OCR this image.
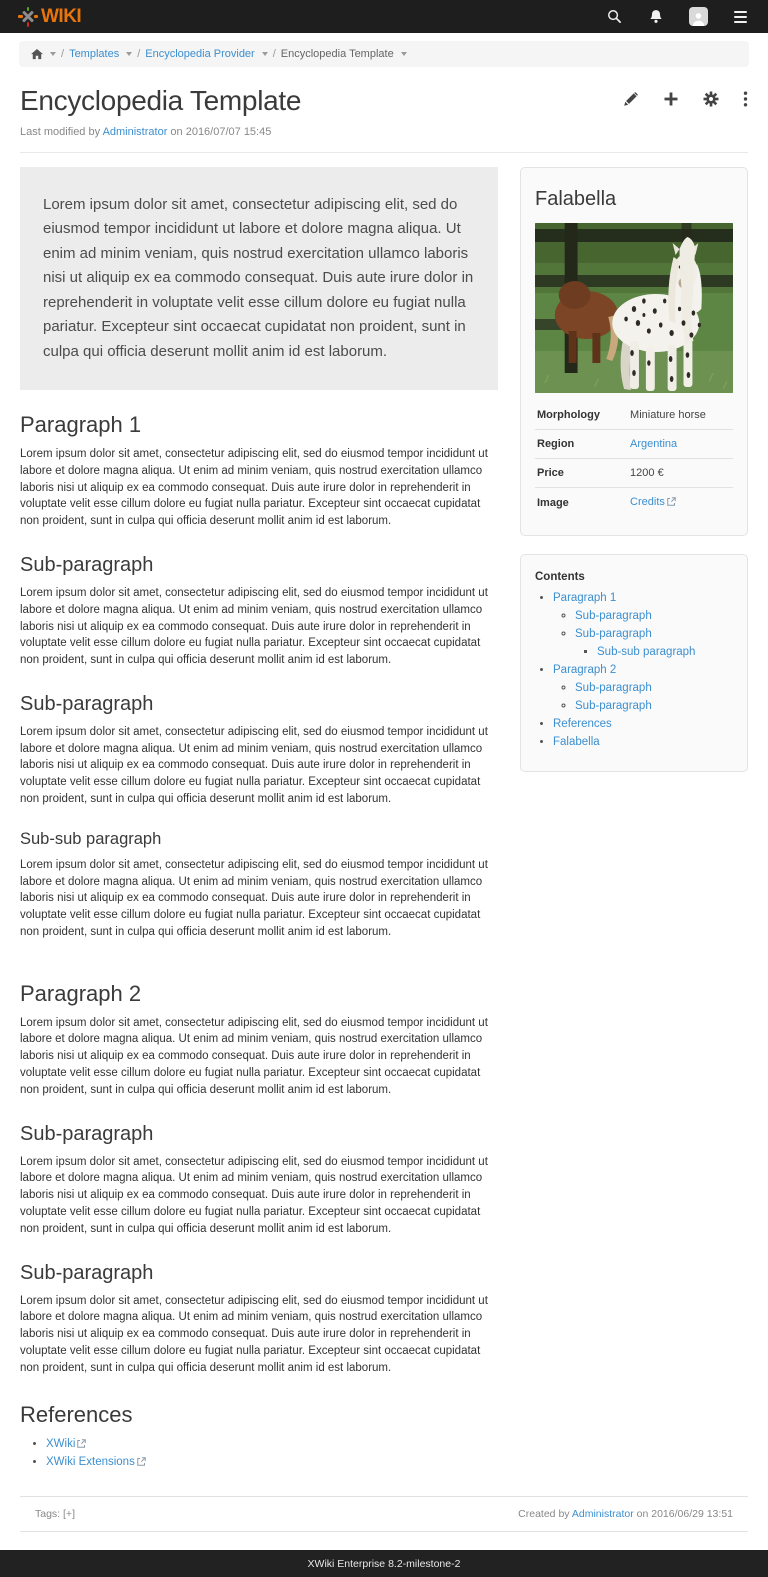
WIKI
/ Templates / Encyclopedia Provider / Encyclopedia Template
Encyclopedia Template
Last modified by Administrator on 2016/07/07 15:45
Lorem ipsum dolor sit amet, consectetur adipiscing elit, sed do eiusmod tempor incididunt ut labore et dolore magna aliqua. Ut enim ad minim veniam, quis nostrud exercitation ullamco laboris nisi ut aliquip ex ea commodo consequat. Duis aute irure dolor in reprehenderit in voluptate velit esse cillum dolore eu fugiat nulla pariatur. Excepteur sint occaecat cupidatat non proident, sunt in culpa qui officia deserunt mollit anim id est laborum.
Paragraph 1

Lorem ipsum dolor sit amet, consectetur adipiscing elit, sed do eiusmod tempor incididunt ut labore et dolore magna aliqua. Ut enim ad minim veniam, quis nostrud exercitation ullamco laboris nisi ut aliquip ex ea commodo consequat. Duis aute irure dolor in reprehenderit in voluptate velit esse cillum dolore eu fugiat nulla pariatur. Excepteur sint occaecat cupidatat non proident, sunt in culpa qui officia deserunt mollit anim id est laborum.

Sub-paragraph

Lorem ipsum dolor sit amet, consectetur adipiscing elit, sed do eiusmod tempor incididunt ut labore et dolore magna aliqua. Ut enim ad minim veniam, quis nostrud exercitation ullamco laboris nisi ut aliquip ex ea commodo consequat. Duis aute irure dolor in reprehenderit in voluptate velit esse cillum dolore eu fugiat nulla pariatur. Excepteur sint occaecat cupidatat non proident, sunt in culpa qui officia deserunt mollit anim id est laborum.

Sub-paragraph

Lorem ipsum dolor sit amet, consectetur adipiscing elit, sed do eiusmod tempor incididunt ut labore et dolore magna aliqua. Ut enim ad minim veniam, quis nostrud exercitation ullamco laboris nisi ut aliquip ex ea commodo consequat. Duis aute irure dolor in reprehenderit in voluptate velit esse cillum dolore eu fugiat nulla pariatur. Excepteur sint occaecat cupidatat non proident, sunt in culpa qui officia deserunt mollit anim id est laborum.

Sub-sub paragraph

Lorem ipsum dolor sit amet, consectetur adipiscing elit, sed do eiusmod tempor incididunt ut labore et dolore magna aliqua. Ut enim ad minim veniam, quis nostrud exercitation ullamco laboris nisi ut aliquip ex ea commodo consequat. Duis aute irure dolor in reprehenderit in voluptate velit esse cillum dolore eu fugiat nulla pariatur. Excepteur sint occaecat cupidatat non proident, sunt in culpa qui officia deserunt mollit anim id est laborum.

Paragraph 2

Lorem ipsum dolor sit amet, consectetur adipiscing elit, sed do eiusmod tempor incididunt ut labore et dolore magna aliqua. Ut enim ad minim veniam, quis nostrud exercitation ullamco laboris nisi ut aliquip ex ea commodo consequat. Duis aute irure dolor in reprehenderit in voluptate velit esse cillum dolore eu fugiat nulla pariatur. Excepteur sint occaecat cupidatat non proident, sunt in culpa qui officia deserunt mollit anim id est laborum.

Sub-paragraph

Lorem ipsum dolor sit amet, consectetur adipiscing elit, sed do eiusmod tempor incididunt ut labore et dolore magna aliqua. Ut enim ad minim veniam, quis nostrud exercitation ullamco laboris nisi ut aliquip ex ea commodo consequat. Duis aute irure dolor in reprehenderit in voluptate velit esse cillum dolore eu fugiat nulla pariatur. Excepteur sint occaecat cupidatat non proident, sunt in culpa qui officia deserunt mollit anim id est laborum.

Sub-paragraph

Lorem ipsum dolor sit amet, consectetur adipiscing elit, sed do eiusmod tempor incididunt ut labore et dolore magna aliqua. Ut enim ad minim veniam, quis nostrud exercitation ullamco laboris nisi ut aliquip ex ea commodo consequat. Duis aute irure dolor in reprehenderit in voluptate velit esse cillum dolore eu fugiat nulla pariatur. Excepteur sint occaecat cupidatat non proident, sunt in culpa qui officia deserunt mollit anim id est laborum.

References
• XWiki
• XWiki Extensions
Falabella
Morphology	Miniature horse
Region	Argentina
Price	1200 €
Image	Credits
Contents
• Paragraph 1
◦ Sub-paragraph
◦ Sub-paragraph
▪ Sub-sub paragraph
• Paragraph 2
◦ Sub-paragraph
◦ Sub-paragraph
• References
• Falabella
Tags: [+]	Created by Administrator on 2016/06/29 13:51
XWiki Enterprise 8.2-milestone-2
